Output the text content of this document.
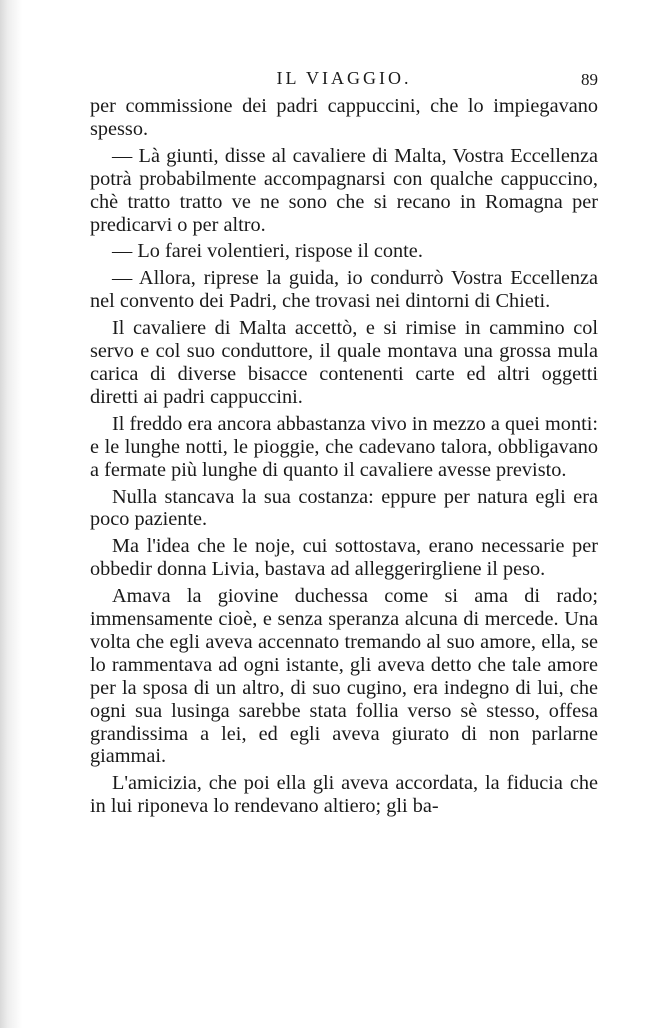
IL VIAGGIO.	89

per commissione dei padri cappuccini, che lo impiegavano spesso.

— Là giunti, disse al cavaliere di Malta, Vostra Eccellenza potrà probabilmente accompagnarsi con qualche cappuccino, chè tratto tratto ve ne sono che si recano in Romagna per predicarvi o per altro.

— Lo farei volentieri, rispose il conte.

— Allora, riprese la guida, io condurrò Vostra Eccellenza nel convento dei Padri, che trovasi nei dintorni di Chieti.

Il cavaliere di Malta accettò, e si rimise in cammino col servo e col suo conduttore, il quale montava una grossa mula carica di diverse bisacce contenenti carte ed altri oggetti diretti ai padri cappuccini.

Il freddo era ancora abbastanza vivo in mezzo a quei monti: e le lunghe notti, le pioggie, che cadevano talora, obbligavano a fermate più lunghe di quanto il cavaliere avesse previsto.

Nulla stancava la sua costanza: eppure per natura egli era poco paziente.

Ma l'idea che le noje, cui sottostava, erano necessarie per obbedir donna Livia, bastava ad alleggerirgliene il peso.

Amava la giovine duchessa come si ama di rado; immensamente cioè, e senza speranza alcuna di mercede. Una volta che egli aveva accennato tremando al suo amore, ella, se lo rammentava ad ogni istante, gli aveva detto che tale amore per la sposa di un altro, di suo cugino, era indegno di lui, che ogni sua lusinga sarebbe stata follia verso sè stesso, offesa grandissima a lei, ed egli aveva giurato di non parlarne giammai.

L'amicizia, che poi ella gli aveva accordata, la fiducia che in lui riponeva lo rendevano altiero; gli ba-
